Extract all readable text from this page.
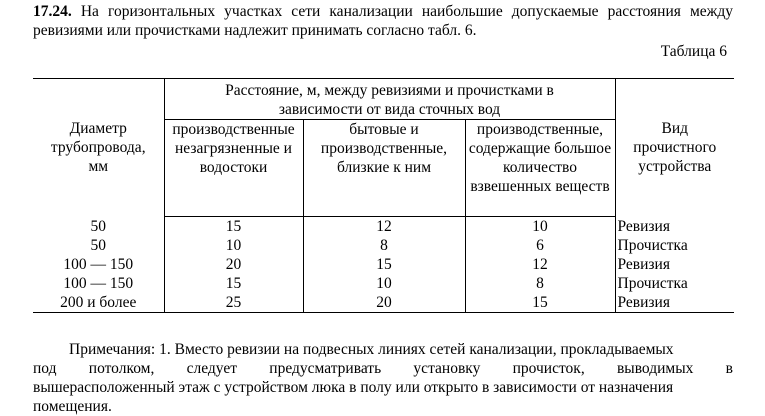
17.24. На горизонтальных участках сети канализации наибольшие допускаемые расстояния между ревизиями или прочистками надлежит принимать согласно табл. 6.
Таблица 6
Диаметр трубопровода, мм	Расстояние, м, между ревизиями и прочистками в зависимости от вида сточных вод			Вид прочистного устройства
	производственные незагрязненные и водостоки	бытовые и производственные, близкие к ним	производственные, содержащие большое количество взвешенных веществ	
50	15	12	10	Ревизия
50	10	8	6	Прочистка
100 — 150	20	15	12	Ревизия
100 — 150	15	10	8	Прочистка
200 и более	25	20	15	Ревизия
Примечания: 1. Вместо ревизии на подвесных линиях сетей канализации, прокладываемых
под потолком, следует предусматривать установку прочисток, выводимых в
вышерасположенный этаж с устройством люка в полу или открыто в зависимости от назначения
помещения.
